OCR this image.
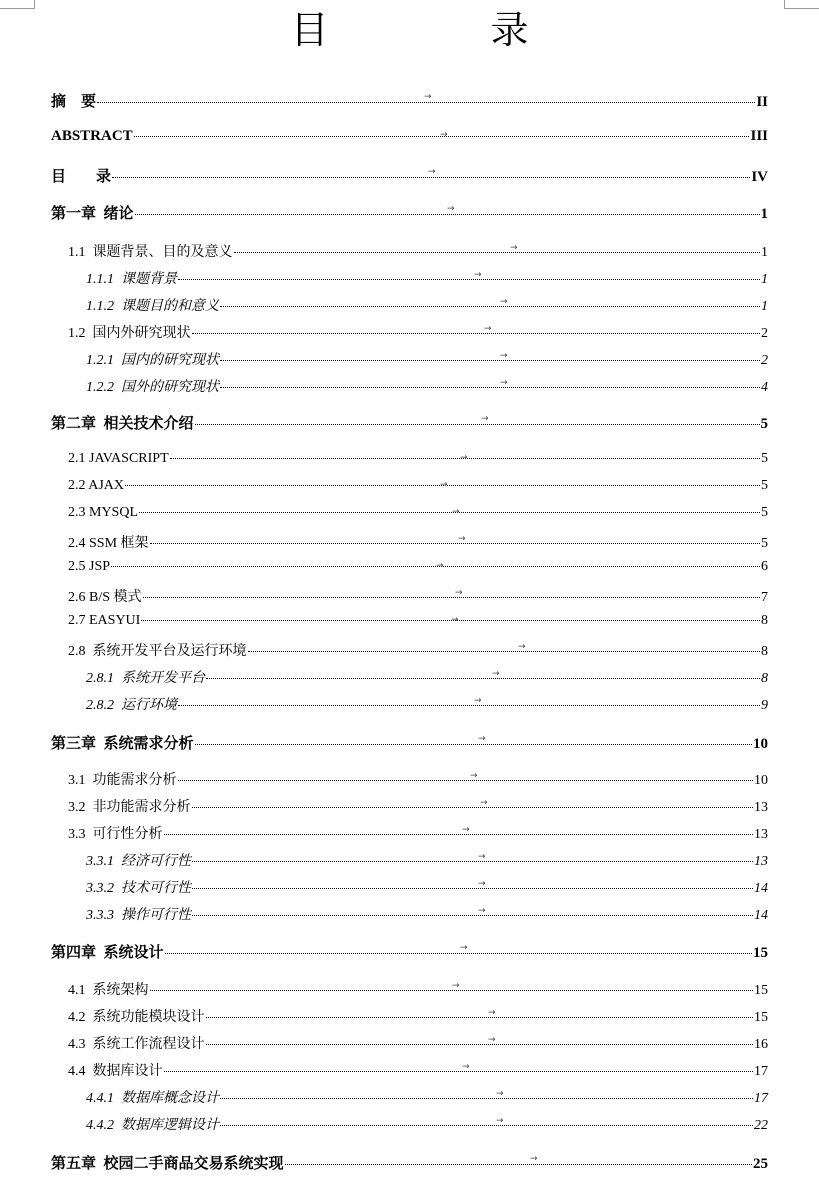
目　录
摘　要	II
→
ABSTRACT	III
→
目　　录	IV
→
第一章  绪论	1
→
1.1  课题背景、目的及意义	1
→
1.1.1  课题背景	1
→
1.1.2  课题目的和意义	1
→
1.2  国内外研究现状	2
→
1.2.1  国内的研究现状	2
→
1.2.2  国外的研究现状	4
→
第二章  相关技术介绍	5
→
2.1 JAVASCRIPT	5
→
2.2 AJAX	5
→
2.3 MYSQL	5
→
2.4 SSM 框架	5
→
2.5 JSP	6
→
2.6 B/S 模式	7
→
2.7 EASYUI	8
→
2.8  系统开发平台及运行环境	8
→
2.8.1  系统开发平台	8
→
2.8.2  运行环境	9
→
第三章  系统需求分析	10
→
3.1  功能需求分析	10
→
3.2  非功能需求分析	13
→
3.3  可行性分析	13
→
3.3.1  经济可行性	13
→
3.3.2  技术可行性	14
→
3.3.3  操作可行性	14
→
第四章  系统设计	15
→
4.1  系统架构	15
→
4.2  系统功能模块设计	15
→
4.3  系统工作流程设计	16
→
4.4  数据库设计	17
→
4.4.1  数据库概念设计	17
→
4.4.2  数据库逻辑设计	22
→
第五章  校园二手商品交易系统实现	25
→
